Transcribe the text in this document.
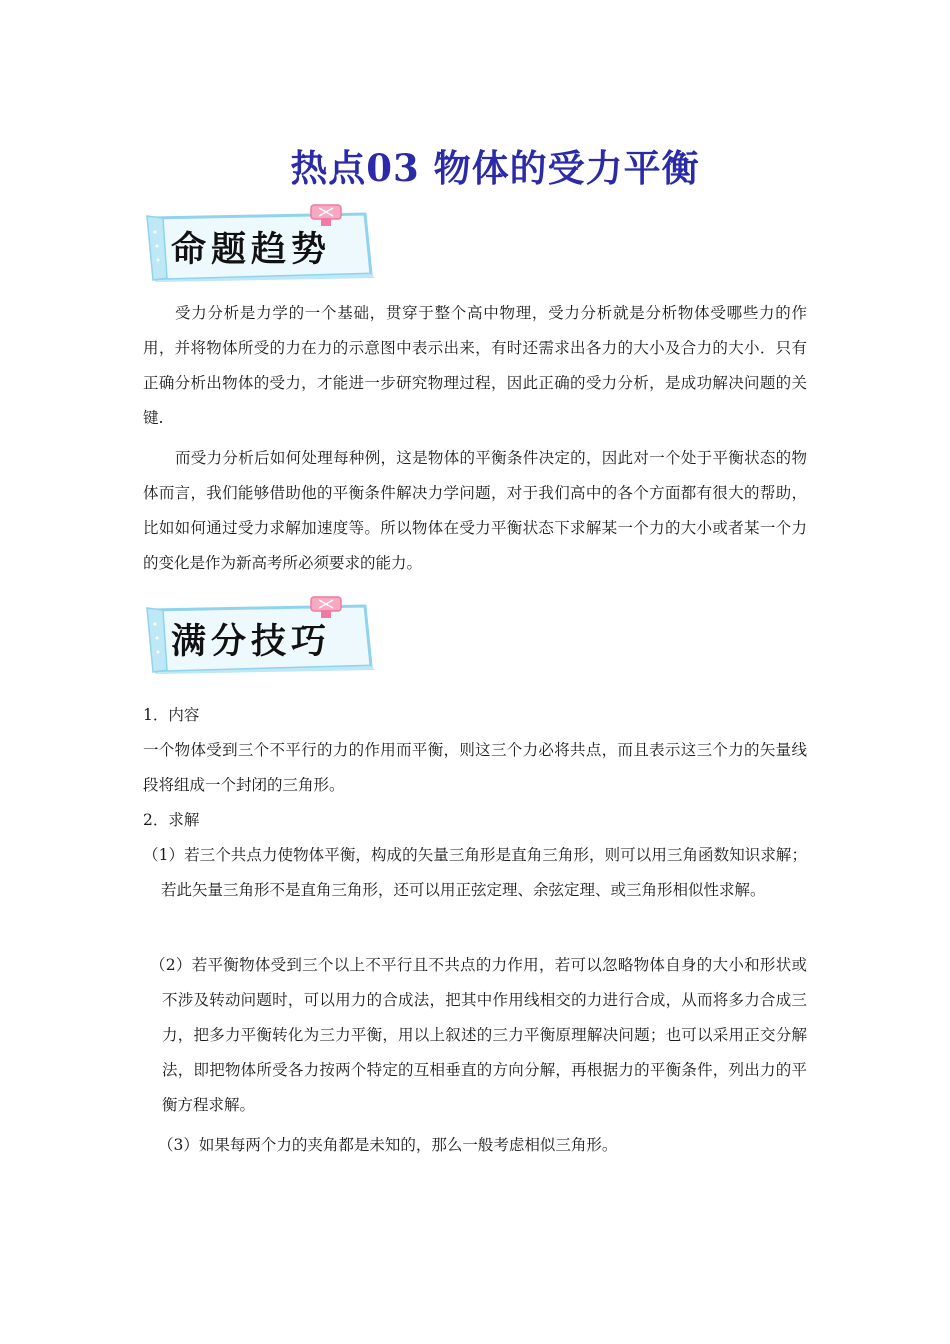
热点03 物体的受力平衡
命题趋势

受力分析是力学的一个基础，贯穿于整个高中物理，受力分析就是分析物体受哪些力的作用，并将物体所受的力在力的示意图中表示出来，有时还需求出各力的大小及合力的大小．只有正确分析出物体的受力，才能进一步研究物理过程，因此正确的受力分析，是成功解决问题的关键.

而受力分析后如何处理每种例，这是物体的平衡条件决定的，因此对一个处于平衡状态的物体而言，我们能够借助他的平衡条件解决力学问题，对于我们高中的各个方面都有很大的帮助，比如如何通过受力求解加速度等。所以物体在受力平衡状态下求解某一个力的大小或者某一个力的变化是作为新高考所必须要求的能力。

满分技巧

1．内容

一个物体受到三个不平行的力的作用而平衡，则这三个力必将共点，而且表示这三个力的矢量线段将组成一个封闭的三角形。

2．求解

（1）若三个共点力使物体平衡，构成的矢量三角形是直角三角形，则可以用三角函数知识求解；若此矢量三角形不是直角三角形，还可以用正弦定理、余弦定理、或三角形相似性求解。

（2）若平衡物体受到三个以上不平行且不共点的力作用，若可以忽略物体自身的大小和形状或不涉及转动问题时，可以用力的合成法，把其中作用线相交的力进行合成，从而将多力合成三力，把多力平衡转化为三力平衡，用以上叙述的三力平衡原理解决问题；也可以采用正交分解法，即把物体所受各力按两个特定的互相垂直的方向分解，再根据力的平衡条件，列出力的平衡方程求解。

（3）如果每两个力的夹角都是未知的，那么一般考虑相似三角形。
